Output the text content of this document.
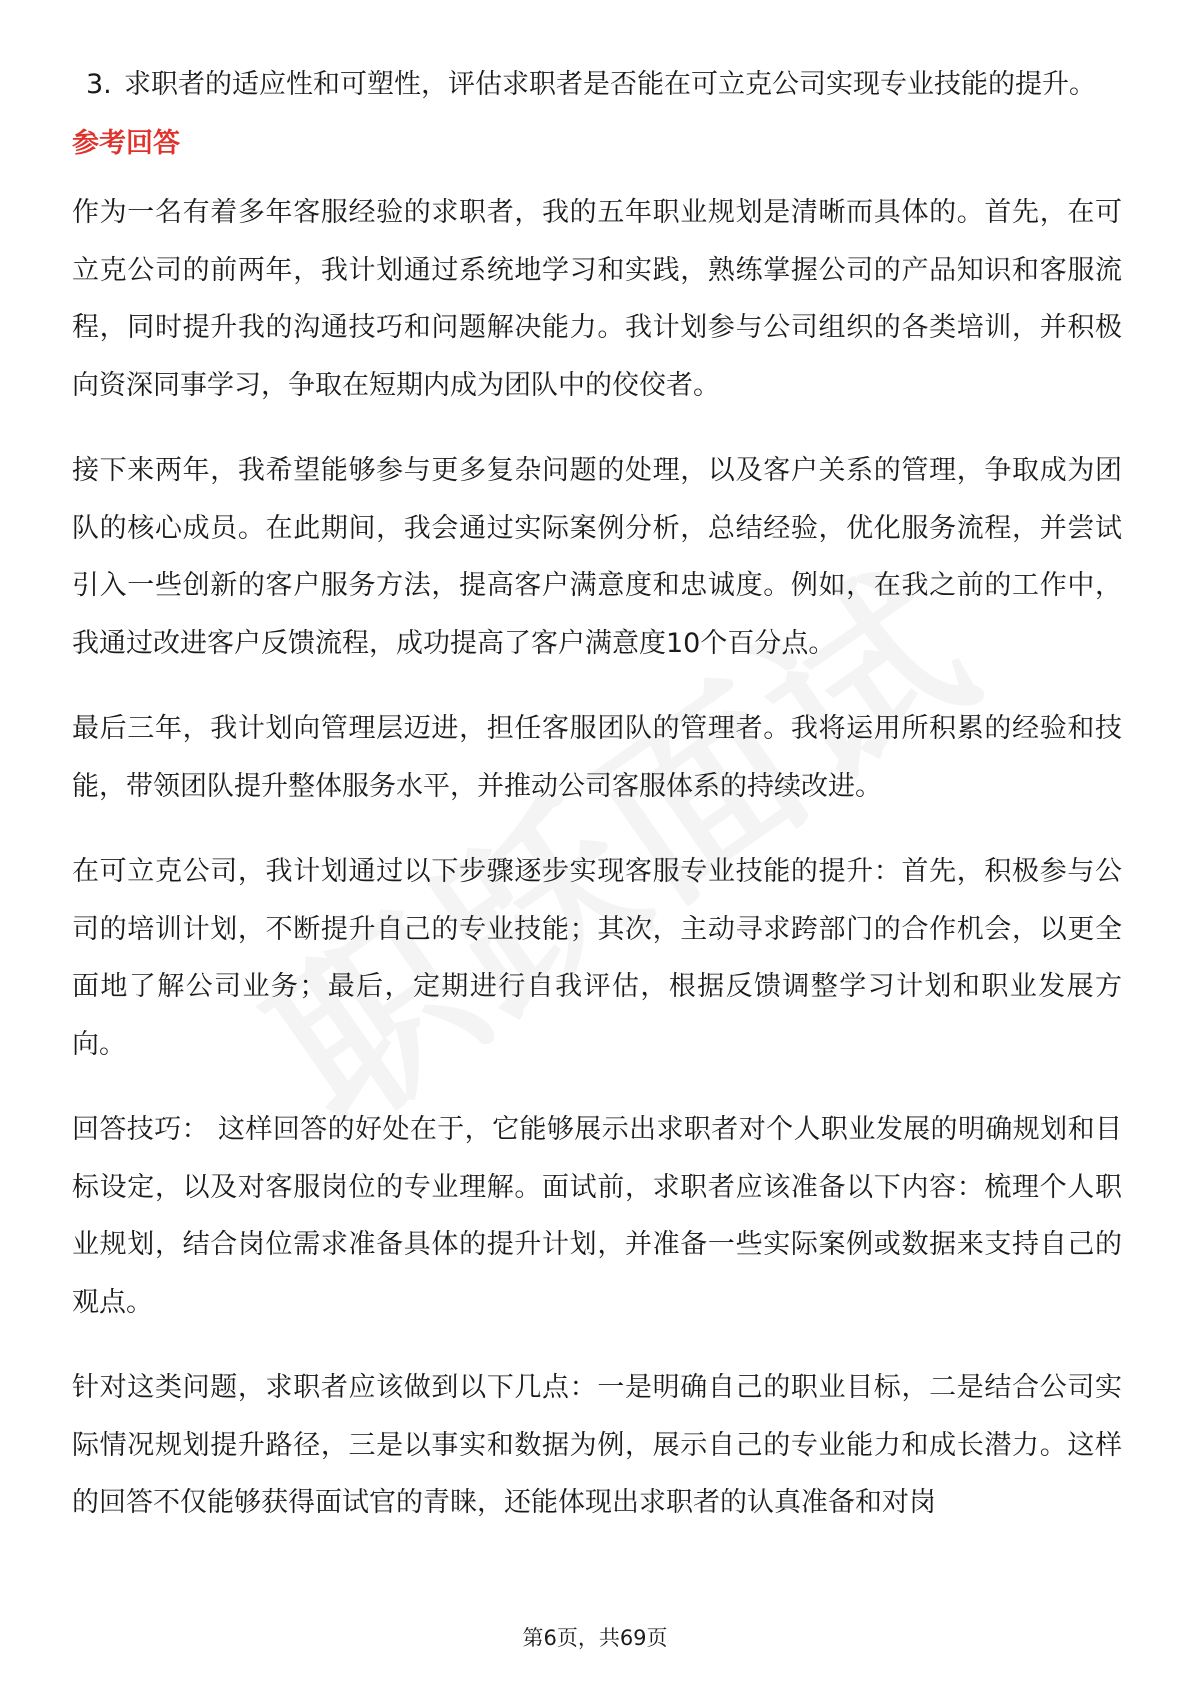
3. 求职者的适应性和可塑性，评估求职者是否能在可立克公司实现专业技能的提升。
参考回答

作为一名有着多年客服经验的求职者，我的五年职业规划是清晰而具体的。首先，在可立克公司的前两年，我计划通过系统地学习和实践，熟练掌握公司的产品知识和客服流程，同时提升我的沟通技巧和问题解决能力。我计划参与公司组织的各类培训，并积极向资深同事学习，争取在短期内成为团队中的佼佼者。

接下来两年，我希望能够参与更多复杂问题的处理，以及客户关系的管理，争取成为团队的核心成员。在此期间，我会通过实际案例分析，总结经验，优化服务流程，并尝试引入一些创新的客户服务方法，提高客户满意度和忠诚度。例如，在我之前的工作中，我通过改进客户反馈流程，成功提高了客户满意度10个百分点。

最后三年，我计划向管理层迈进，担任客服团队的管理者。我将运用所积累的经验和技能，带领团队提升整体服务水平，并推动公司客服体系的持续改进。

在可立克公司，我计划通过以下步骤逐步实现客服专业技能的提升：首先，积极参与公司的培训计划，不断提升自己的专业技能；其次，主动寻求跨部门的合作机会，以更全面地了解公司业务；最后，定期进行自我评估，根据反馈调整学习计划和职业发展方向。

回答技巧： 这样回答的好处在于，它能够展示出求职者对个人职业发展的明确规划和目标设定，以及对客服岗位的专业理解。面试前，求职者应该准备以下内容：梳理个人职业规划，结合岗位需求准备具体的提升计划，并准备一些实际案例或数据来支持自己的观点。

针对这类问题，求职者应该做到以下几点：一是明确自己的职业目标，二是结合公司实际情况规划提升路径，三是以事实和数据为例，展示自己的专业能力和成长潜力。这样的回答不仅能够获得面试官的青睐，还能体现出求职者的认真准备和对岗

第6页，共69页
